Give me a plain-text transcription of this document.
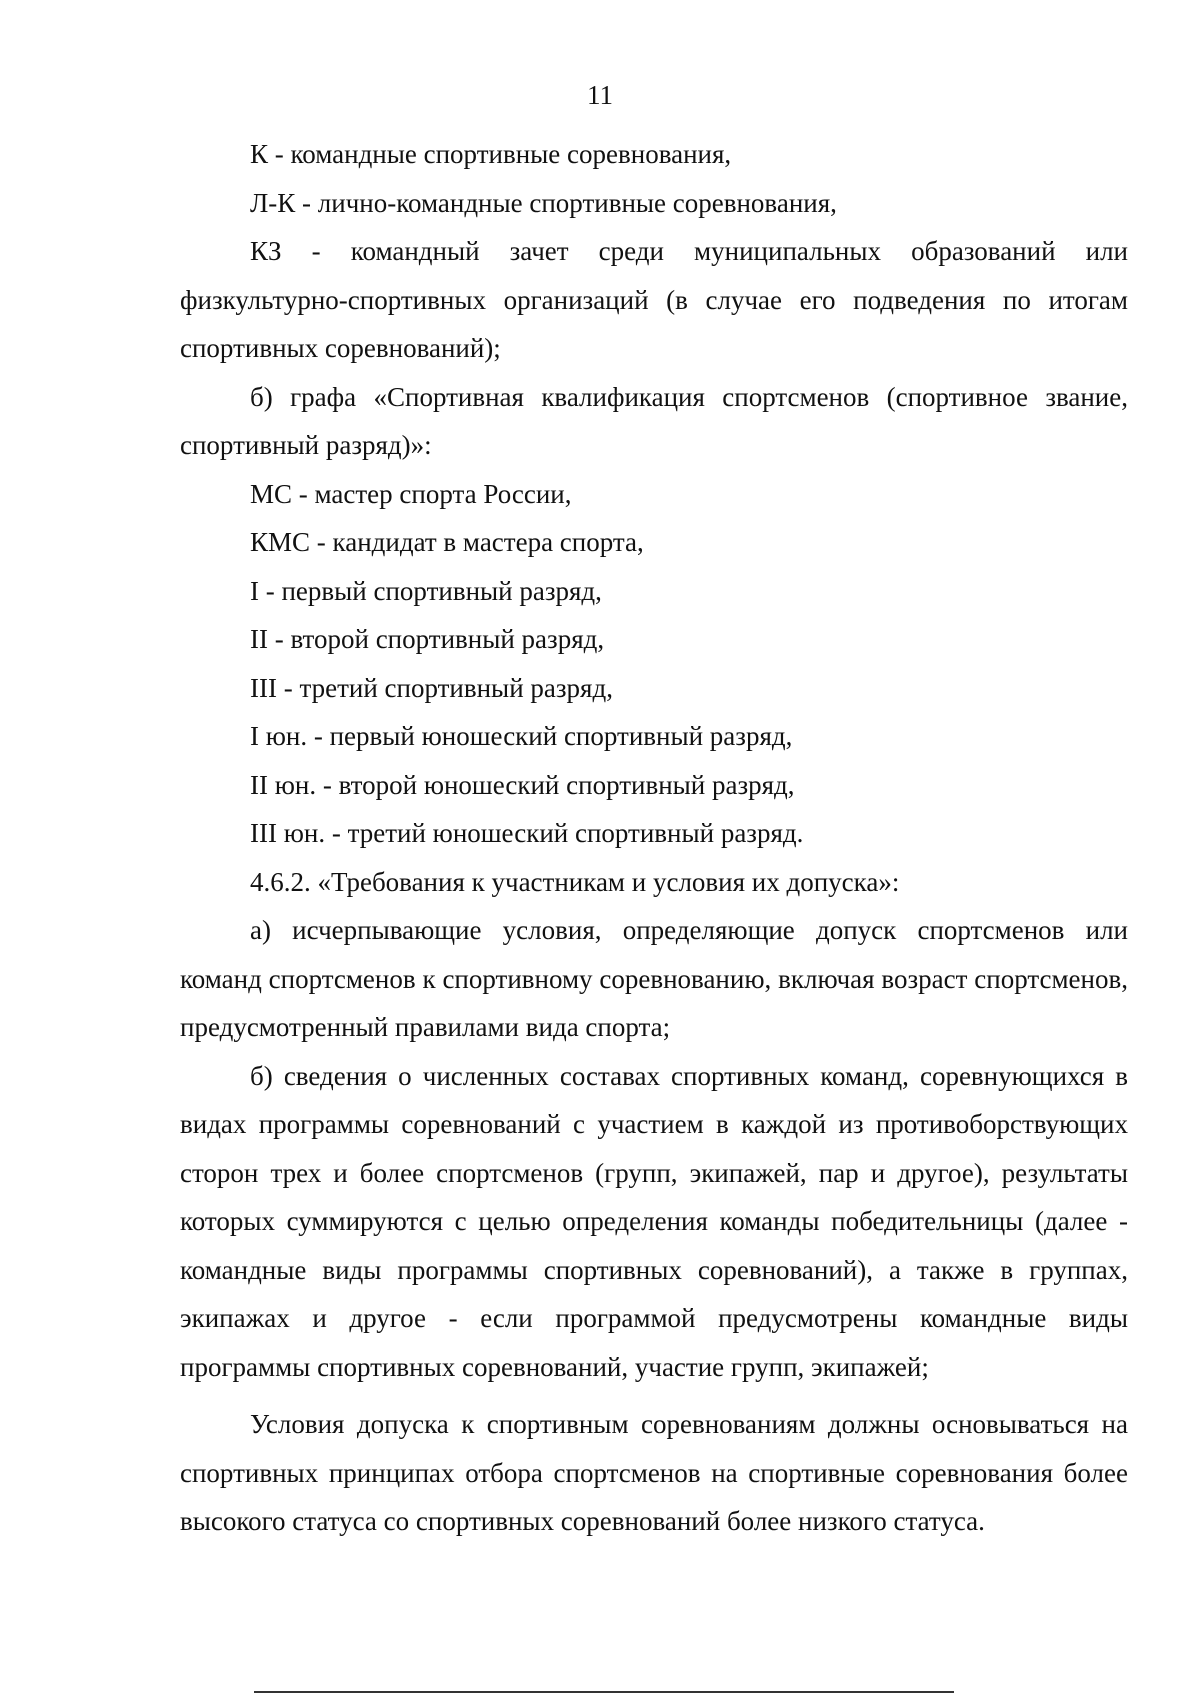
11

К - командные спортивные соревнования,

Л-К - лично-командные спортивные соревнования,

КЗ - командный зачет среди муниципальных образований или физкультурно-спортивных организаций (в случае его подведения по итогам спортивных соревнований);

б) графа «Спортивная квалификация спортсменов (спортивное звание, спортивный разряд)»:

МС - мастер спорта России,

КМС - кандидат в мастера спорта,

I - первый спортивный разряд,

II - второй спортивный разряд,

III - третий спортивный разряд,

I юн. - первый юношеский спортивный разряд,

II юн. - второй юношеский спортивный разряд,

III юн. - третий юношеский спортивный разряд.

4.6.2. «Требования к участникам и условия их допуска»:

а) исчерпывающие условия, определяющие допуск спортсменов или команд спортсменов к спортивному соревнованию, включая возраст спортсменов, предусмотренный правилами вида спорта;

б) сведения о численных составах спортивных команд, соревнующихся в видах программы соревнований с участием в каждой из противоборствующих сторон трех и более спортсменов (групп, экипажей, пар и другое), результаты которых суммируются с целью определения команды победительницы (далее - командные виды программы спортивных соревнований), а также в группах, экипажах и другое - если программой предусмотрены командные виды программы спортивных соревнований, участие групп, экипажей;

Условия допуска к спортивным соревнованиям должны основываться на спортивных принципах отбора спортсменов на спортивные соревнования более высокого статуса со спортивных соревнований более низкого статуса.
